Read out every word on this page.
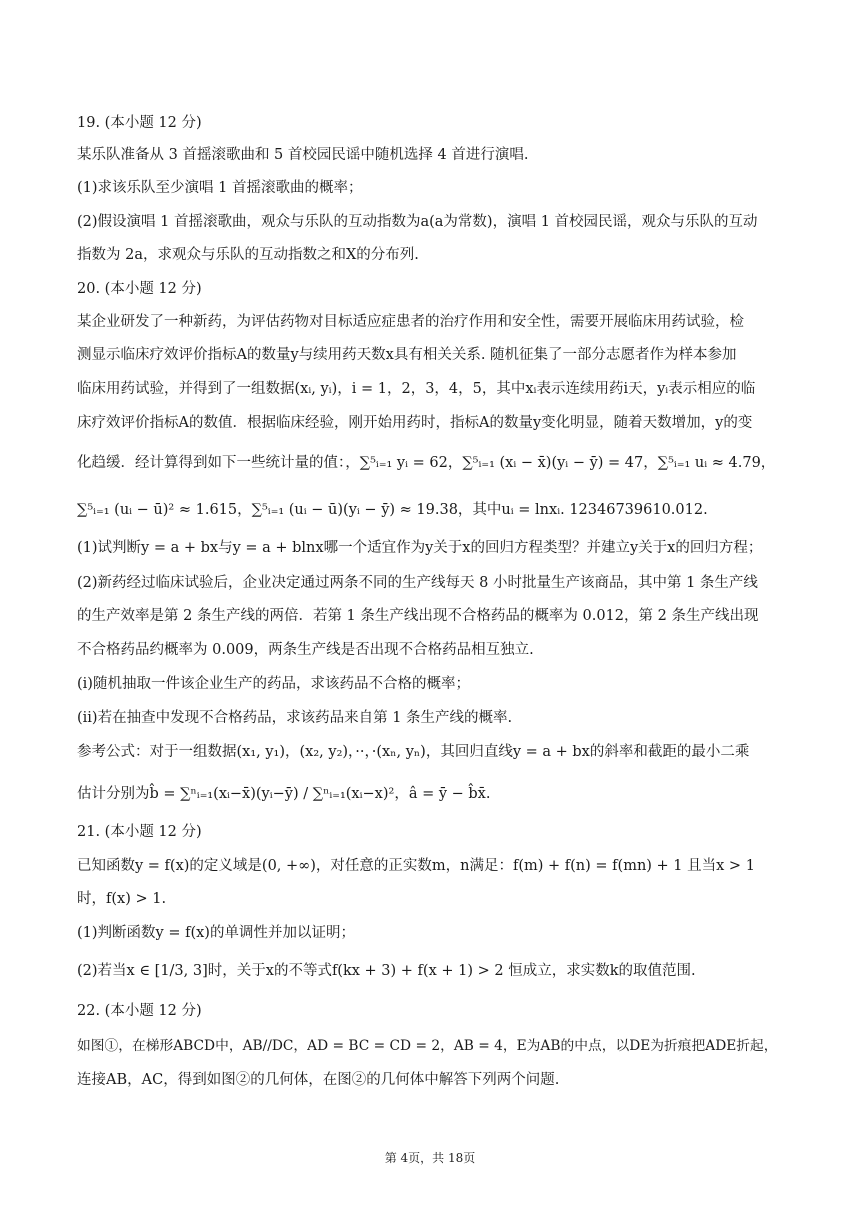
19. (本小题 12 分)
某乐队准备从 3 首摇滚歌曲和 5 首校园民谣中随机选择 4 首进行演唱.
(1)求该乐队至少演唱 1 首摇滚歌曲的概率；
(2)假设演唱 1 首摇滚歌曲，观众与乐队的互动指数为a(a为常数)，演唱 1 首校园民谣，观众与乐队的互动
指数为 2a，求观众与乐队的互动指数之和X的分布列.
20. (本小题 12 分)
某企业研发了一种新药，为评估药物对目标适应症患者的治疗作用和安全性，需要开展临床用药试验，检
测显示临床疗效评价指标A的数量y与续用药天数x具有相关关系. 随机征集了一部分志愿者作为样本参加
临床用药试验，并得到了一组数据(xᵢ, yᵢ)，i = 1，2，3，4，5，其中xᵢ表示连续用药i天，yᵢ表示相应的临
床疗效评价指标A的数值．根据临床经验，刚开始用药时，指标A的数量y变化明显，随着天数增加，y的变
化趋缓．经计算得到如下一些统计量的值：，∑⁵ᵢ₌₁ yᵢ = 62，∑⁵ᵢ₌₁ (xᵢ − x̄)(yᵢ − ȳ) = 47，∑⁵ᵢ₌₁ uᵢ ≈ 4.79，
∑⁵ᵢ₌₁ (uᵢ − ū)² ≈ 1.615，∑⁵ᵢ₌₁ (uᵢ − ū)(yᵢ − ȳ) ≈ 19.38，其中uᵢ = lnxᵢ. 12346739610.012.
(1)试判断y = a + bx与y = a + blnx哪一个适宜作为y关于x的回归方程类型？并建立y关于x的回归方程；
(2)新药经过临床试验后，企业决定通过两条不同的生产线每天 8 小时批量生产该商品，其中第 1 条生产线
的生产效率是第 2 条生产线的两倍．若第 1 条生产线出现不合格药品的概率为 0.012，第 2 条生产线出现
不合格药品约概率为 0.009，两条生产线是否出现不合格药品相互独立.
(i)随机抽取一件该企业生产的药品，求该药品不合格的概率；
(ii)若在抽查中发现不合格药品，求该药品来自第 1 条生产线的概率.
参考公式：对于一组数据(x₁, y₁)，(x₂, y₂)，··，·(xₙ, yₙ)，其回归直线y = a + bx的斜率和截距的最小二乘
估计分别为b̂ = ∑ⁿᵢ₌₁(xᵢ−x̄)(yᵢ−ȳ) / ∑ⁿᵢ₌₁(xᵢ−x)²，â = ȳ − b̂x̄.
21. (本小题 12 分)
已知函数y = f(x)的定义域是(0, +∞)，对任意的正实数m，n满足：f(m) + f(n) = f(mn) + 1 且当x > 1
时，f(x) > 1.
(1)判断函数y = f(x)的单调性并加以证明；
(2)若当x ∈ [1/3, 3]时，关于x的不等式f(kx + 3) + f(x + 1) > 2 恒成立，求实数k的取值范围.
22. (本小题 12 分)
如图①，在梯形ABCD中，AB//DC，AD = BC = CD = 2，AB = 4，E为AB的中点，以DE为折痕把ADE折起，
连接AB，AC，得到如图②的几何体，在图②的几何体中解答下列两个问题.
第 4页，共 18页
